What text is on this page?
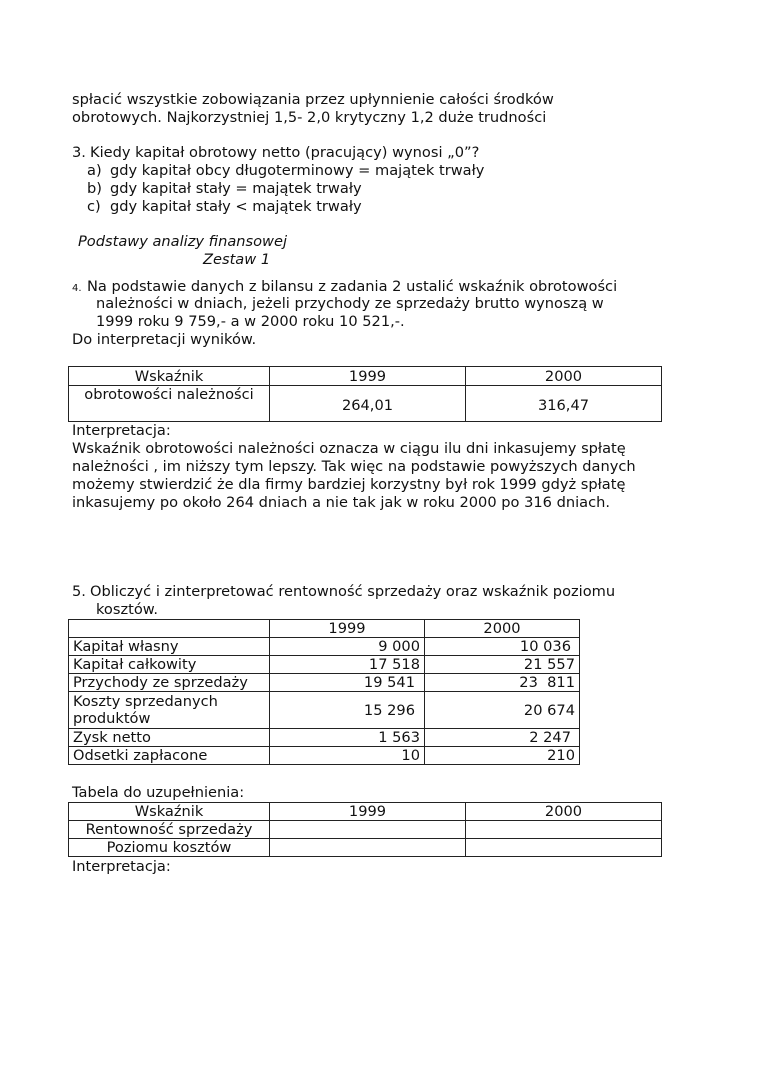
spłacić wszystkie zobowiązania przez upłynnienie całości środków
obrotowych. Najkorzystniej 1,5- 2,0 krytyczny 1,2 duże trudności
3. Kiedy kapitał obrotowy netto (pracujący) wynosi „0”?
a) gdy kapitał obcy długoterminowy = majątek trwały
b) gdy kapitał stały = majątek trwały
c) gdy kapitał stały < majątek trwały
Podstawy analizy finansowej
Zestaw 1
4. Na podstawie danych z bilansu z zadania 2 ustalić wskaźnik obrotowości
należności w dniach, jeżeli przychody ze sprzedaży brutto wynoszą w
1999 roku 9 759,- a w 2000 roku 10 521,-.
Do interpretacji wyników.
Wskaźnik	1999	2000
obrotowości należności	264,01	316,47
Interpretacja:
Wskaźnik obrotowości należności oznacza w ciągu ilu dni inkasujemy spłatę
należności , im niższy tym lepszy. Tak więc na podstawie powyższych danych
możemy stwierdzić że dla firmy bardziej korzystny był rok 1999 gdyż spłatę
inkasujemy po około 264 dniach a nie tak jak w roku 2000 po 316 dniach.
5. Obliczyć i zinterpretować rentowność sprzedaży oraz wskaźnik poziomu
kosztów.
	1999	2000
Kapitał własny	9 000	10 036
Kapitał całkowity	17 518	21 557
Przychody ze sprzedaży	19 541	23  811
Koszty sprzedanych produktów	15 296	20 674
Zysk netto	1 563	2 247
Odsetki zapłacone	10	210
Tabela do uzupełnienia:
Wskaźnik	1999	2000
Rentowność sprzedaży		
Poziomu kosztów		
Interpretacja:
